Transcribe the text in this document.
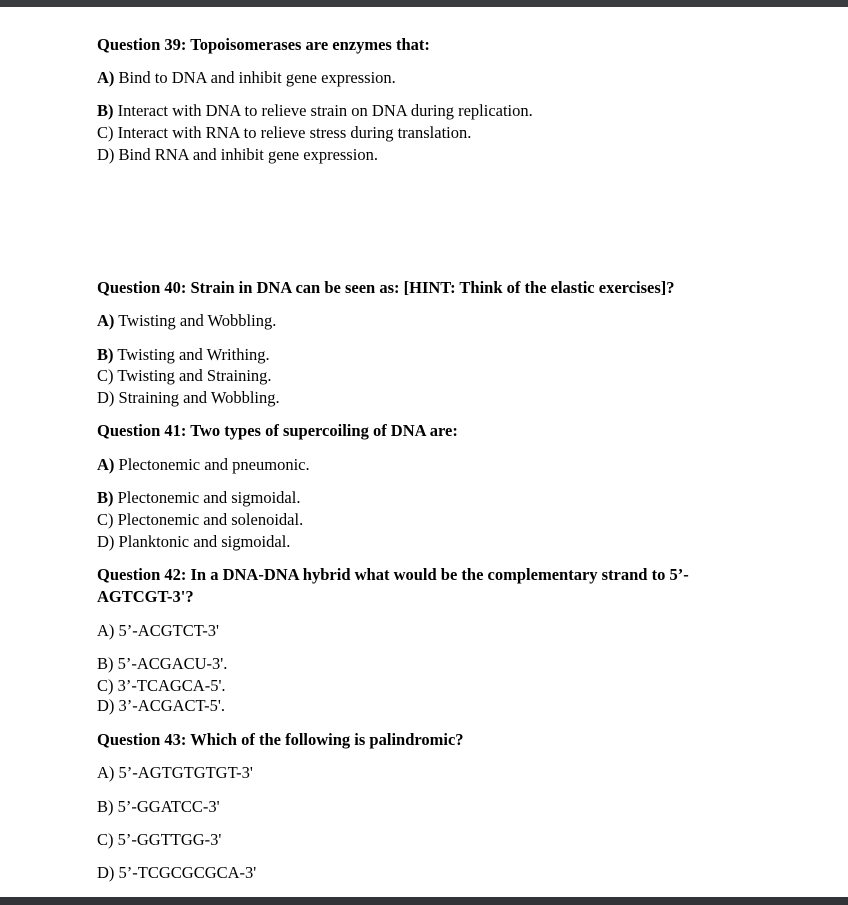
Question 39: Topoisomerases are enzymes that:
A) Bind to DNA and inhibit gene expression.
B) Interact with DNA to relieve strain on DNA during replication.
C) Interact with RNA to relieve stress during translation.
D) Bind RNA and inhibit gene expression.
Question 40: Strain in DNA can be seen as: [HINT: Think of the elastic exercises]?
A) Twisting and Wobbling.
B) Twisting and Writhing.
C) Twisting and Straining.
D) Straining and Wobbling.
Question 41: Two types of supercoiling of DNA are:
A) Plectonemic and pneumonic.
B) Plectonemic and sigmoidal.
C) Plectonemic and solenoidal.
D) Planktonic and sigmoidal.
Question 42: In a DNA-DNA hybrid what would be the complementary strand to 5’-AGTCGT-3'?
A) 5’-ACGTCT-3'
B) 5’-ACGACU-3'.
C) 3’-TCAGCA-5'.
D) 3’-ACGACT-5'.
Question 43: Which of the following is palindromic?
A) 5’-AGTGTGTGT-3'
B) 5’-GGATCC-3'
C) 5’-GGTTGG-3'
D) 5’-TCGCGCGCA-3'
